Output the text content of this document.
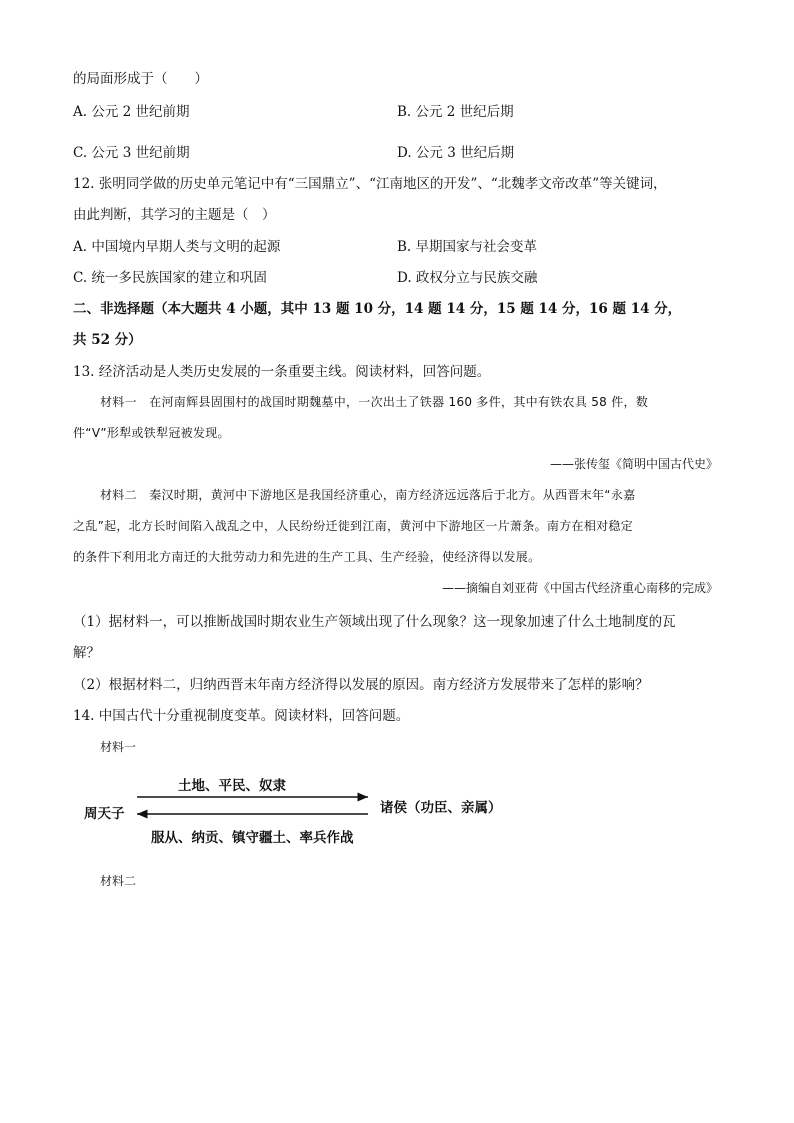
的局面形成于（　　）
A. 公元 2 世纪前期	B. 公元 2 世纪后期
C. 公元 3 世纪前期	D. 公元 3 世纪后期
12. 张明同学做的历史单元笔记中有“三国鼎立”、“江南地区的开发”、“北魏孝文帝改革”等关键词，
由此判断，其学习的主题是（　）
A. 中国境内早期人类与文明的起源	B. 早期国家与社会变革
C. 统一多民族国家的建立和巩固	D. 政权分立与民族交融
二、非选择题（本大题共 4 小题，其中 13 题 10 分，14 题 14 分，15 题 14 分，16 题 14 分，
共 52 分）
13. 经济活动是人类历史发展的一条重要主线。阅读材料，回答问题。
材料一　在河南辉县固围村的战国时期魏墓中，一次出土了铁器 160 多件，其中有铁农具 58 件，数
件“V”形犁或铁犁冠被发现。
——张传玺《简明中国古代史》
材料二　秦汉时期，黄河中下游地区是我国经济重心，南方经济远远落后于北方。从西晋末年“永嘉
之乱”起，北方长时间陷入战乱之中，人民纷纷迁徙到江南，黄河中下游地区一片萧条。南方在相对稳定
的条件下利用北方南迁的大批劳动力和先进的生产工具、生产经验，使经济得以发展。
——摘编自刘亚荷《中国古代经济重心南移的完成》
（1）据材料一，可以推断战国时期农业生产领域出现了什么现象？这一现象加速了什么土地制度的瓦
解？
（2）根据材料二，归纳西晋末年南方经济得以发展的原因。南方经济方发展带来了怎样的影响？
14. 中国古代十分重视制度变革。阅读材料，回答问题。
材料一
土地、平民、奴隶
周天子	诸侯（功臣、亲属）
服从、纳贡、镇守疆土、率兵作战
材料二
